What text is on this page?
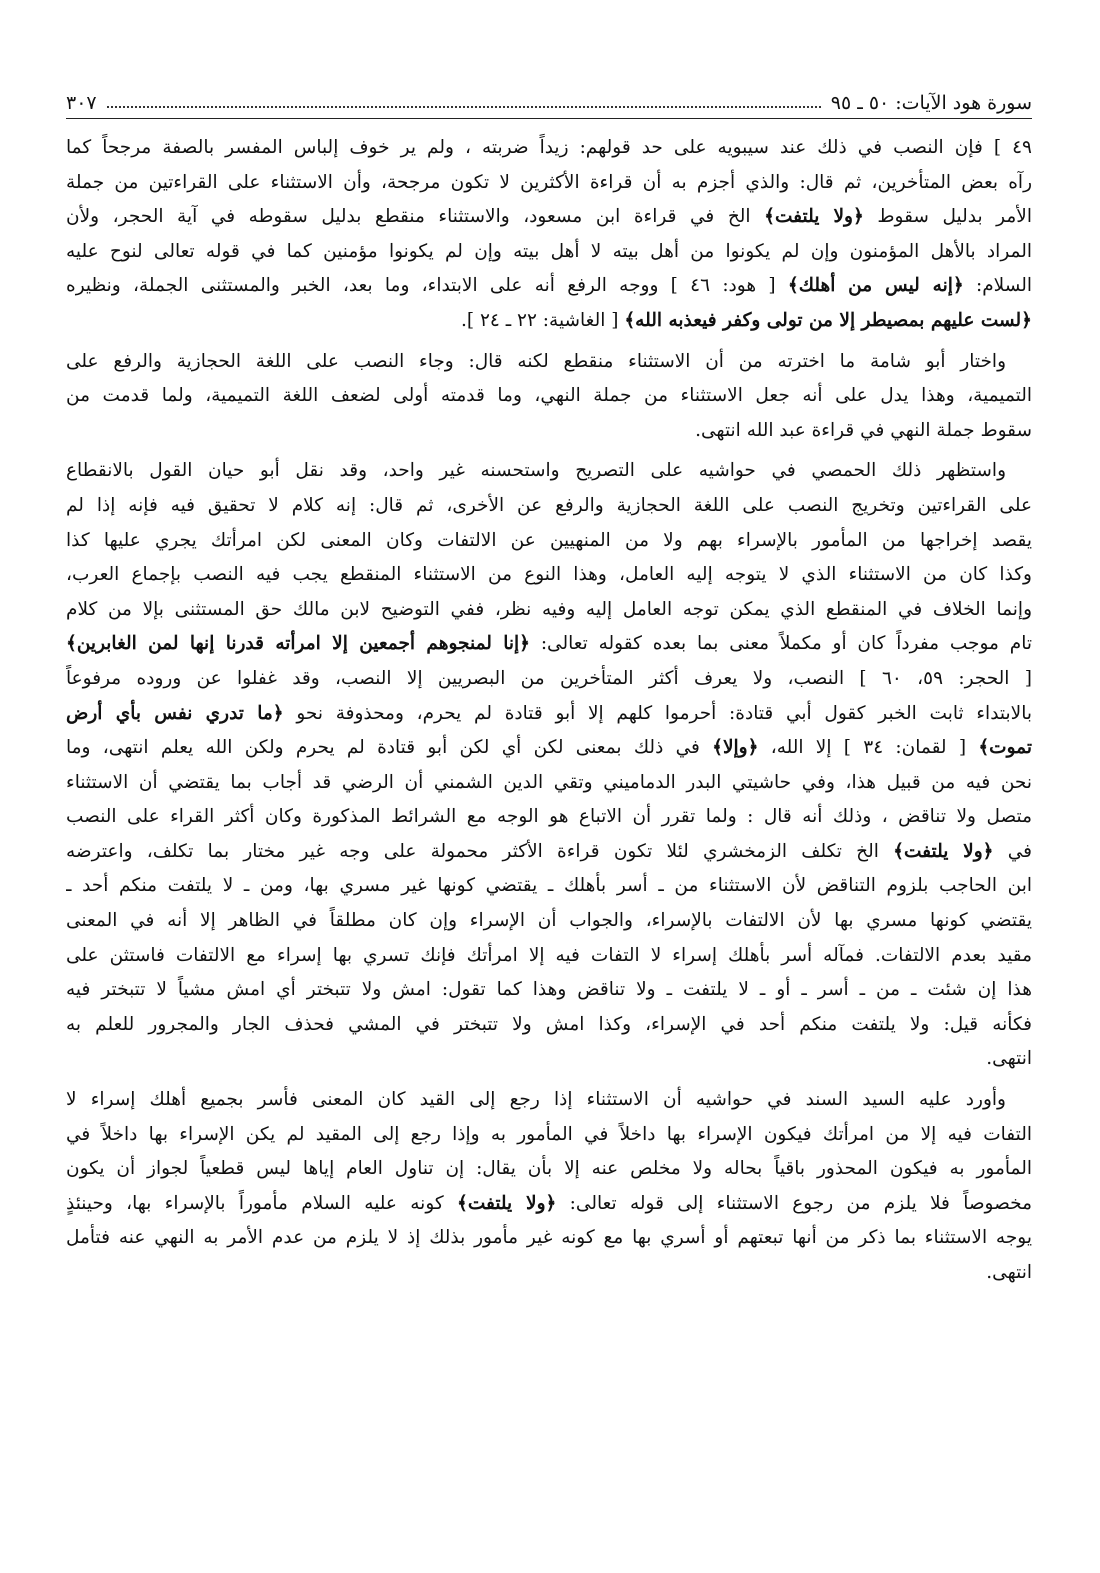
سورة هود الآيات: ٥٠ ـ ٩٥
٣٠٧
٤٩ ] فإن النصب في ذلك عند سيبويه على حد قولهم: زيداً ضربته ، ولم ير خوف إلباس المفسر بالصفة مرجحاً كما
رآه بعض المتأخرين، ثم قال: والذي أجزم به أن قراءة الأكثرين لا تكون مرجحة، وأن الاستثناء على القراءتين من جملة
الأمر بدليل سقوط ﴿ولا يلتفت﴾ الخ في قراءة ابن مسعود، والاستثناء منقطع بدليل سقوطه في آية الحجر، ولأن
المراد بالأهل المؤمنون وإن لم يكونوا من أهل بيته لا أهل بيته وإن لم يكونوا مؤمنين كما في قوله تعالى لنوح عليه
السلام: ﴿إنه ليس من أهلك﴾ [ هود: ٤٦ ] ووجه الرفع أنه على الابتداء، وما بعد، الخبر والمستثنى الجملة، ونظيره
﴿لست عليهم بمصيطر إلا من تولى وكفر فيعذبه الله﴾ [ الغاشية: ٢٢ ـ ٢٤ ].
واختار أبو شامة ما اخترته من أن الاستثناء منقطع لكنه قال: وجاء النصب على اللغة الحجازية والرفع على
التميمية، وهذا يدل على أنه جعل الاستثناء من جملة النهي، وما قدمته أولى لضعف اللغة التميمية، ولما قدمت من
سقوط جملة النهي في قراءة عبد الله انتهى.
واستظهر ذلك الحمصي في حواشيه على التصريح واستحسنه غير واحد، وقد نقل أبو حيان القول بالانقطاع
على القراءتين وتخريج النصب على اللغة الحجازية والرفع عن الأخرى، ثم قال: إنه كلام لا تحقيق فيه فإنه إذا لم
يقصد إخراجها من المأمور بالإسراء بهم ولا من المنهيين عن الالتفات وكان المعنى لكن امرأتك يجري عليها كذا
وكذا كان من الاستثناء الذي لا يتوجه إليه العامل، وهذا النوع من الاستثناء المنقطع يجب فيه النصب بإجماع العرب،
وإنما الخلاف في المنقطع الذي يمكن توجه العامل إليه وفيه نظر، ففي التوضيح لابن مالك حق المستثنى بإلا من كلام
تام موجب مفرداً كان أو مكملاً معنى بما بعده كقوله تعالى: ﴿إنا لمنجوهم أجمعين إلا امرأته قدرنا إنها لمن الغابرين﴾
[ الحجر: ٥٩، ٦٠ ] النصب، ولا يعرف أكثر المتأخرين من البصريين إلا النصب، وقد غفلوا عن وروده مرفوعاً
بالابتداء ثابت الخبر كقول أبي قتادة: أحرموا كلهم إلا أبو قتادة لم يحرم، ومحذوفة نحو ﴿ما تدري نفس بأي أرض
تموت﴾ [ لقمان: ٣٤ ] إلا الله، ﴿وإلا﴾ في ذلك بمعنى لكن أي لكن أبو قتادة لم يحرم ولكن الله يعلم انتهى، وما
نحن فيه من قبيل هذا، وفي حاشيتي البدر الدماميني وتقي الدين الشمني أن الرضي قد أجاب بما يقتضي أن الاستثناء
متصل ولا تناقض ، وذلك أنه قال : ولما تقرر أن الاتباع هو الوجه مع الشرائط المذكورة وكان أكثر القراء على النصب
في ﴿ولا يلتفت﴾ الخ تكلف الزمخشري لئلا تكون قراءة الأكثر محمولة على وجه غير مختار بما تكلف، واعترضه
ابن الحاجب بلزوم التناقض لأن الاستثناء من ـ أسر بأهلك ـ يقتضي كونها غير مسري بها، ومن ـ لا يلتفت منكم أحد ـ
يقتضي كونها مسري بها لأن الالتفات بالإسراء، والجواب أن الإسراء وإن كان مطلقاً في الظاهر إلا أنه في المعنى
مقيد بعدم الالتفات. فمآله أسر بأهلك إسراء لا التفات فيه إلا امرأتك فإنك تسري بها إسراء مع الالتفات فاستثن على
هذا إن شئت ـ من ـ أسر ـ أو ـ لا يلتفت ـ ولا تناقض وهذا كما تقول: امش ولا تتبختر أي امش مشياً لا تتبختر فيه
فكأنه قيل: ولا يلتفت منكم أحد في الإسراء، وكذا امش ولا تتبختر في المشي فحذف الجار والمجرور للعلم به
انتهى.
وأورد عليه السيد السند في حواشيه أن الاستثناء إذا رجع إلى القيد كان المعنى فأسر بجميع أهلك إسراء لا
التفات فيه إلا من امرأتك فيكون الإسراء بها داخلاً في المأمور به وإذا رجع إلى المقيد لم يكن الإسراء بها داخلاً في
المأمور به فيكون المحذور باقياً بحاله ولا مخلص عنه إلا بأن يقال: إن تناول العام إياها ليس قطعياً لجواز أن يكون
مخصوصاً فلا يلزم من رجوع الاستثناء إلى قوله تعالى: ﴿ولا يلتفت﴾ كونه عليه السلام مأموراً بالإسراء بها، وحينئذٍ
يوجه الاستثناء بما ذكر من أنها تبعتهم أو أسري بها مع كونه غير مأمور بذلك إذ لا يلزم من عدم الأمر به النهي عنه فتأمل
انتهى.
